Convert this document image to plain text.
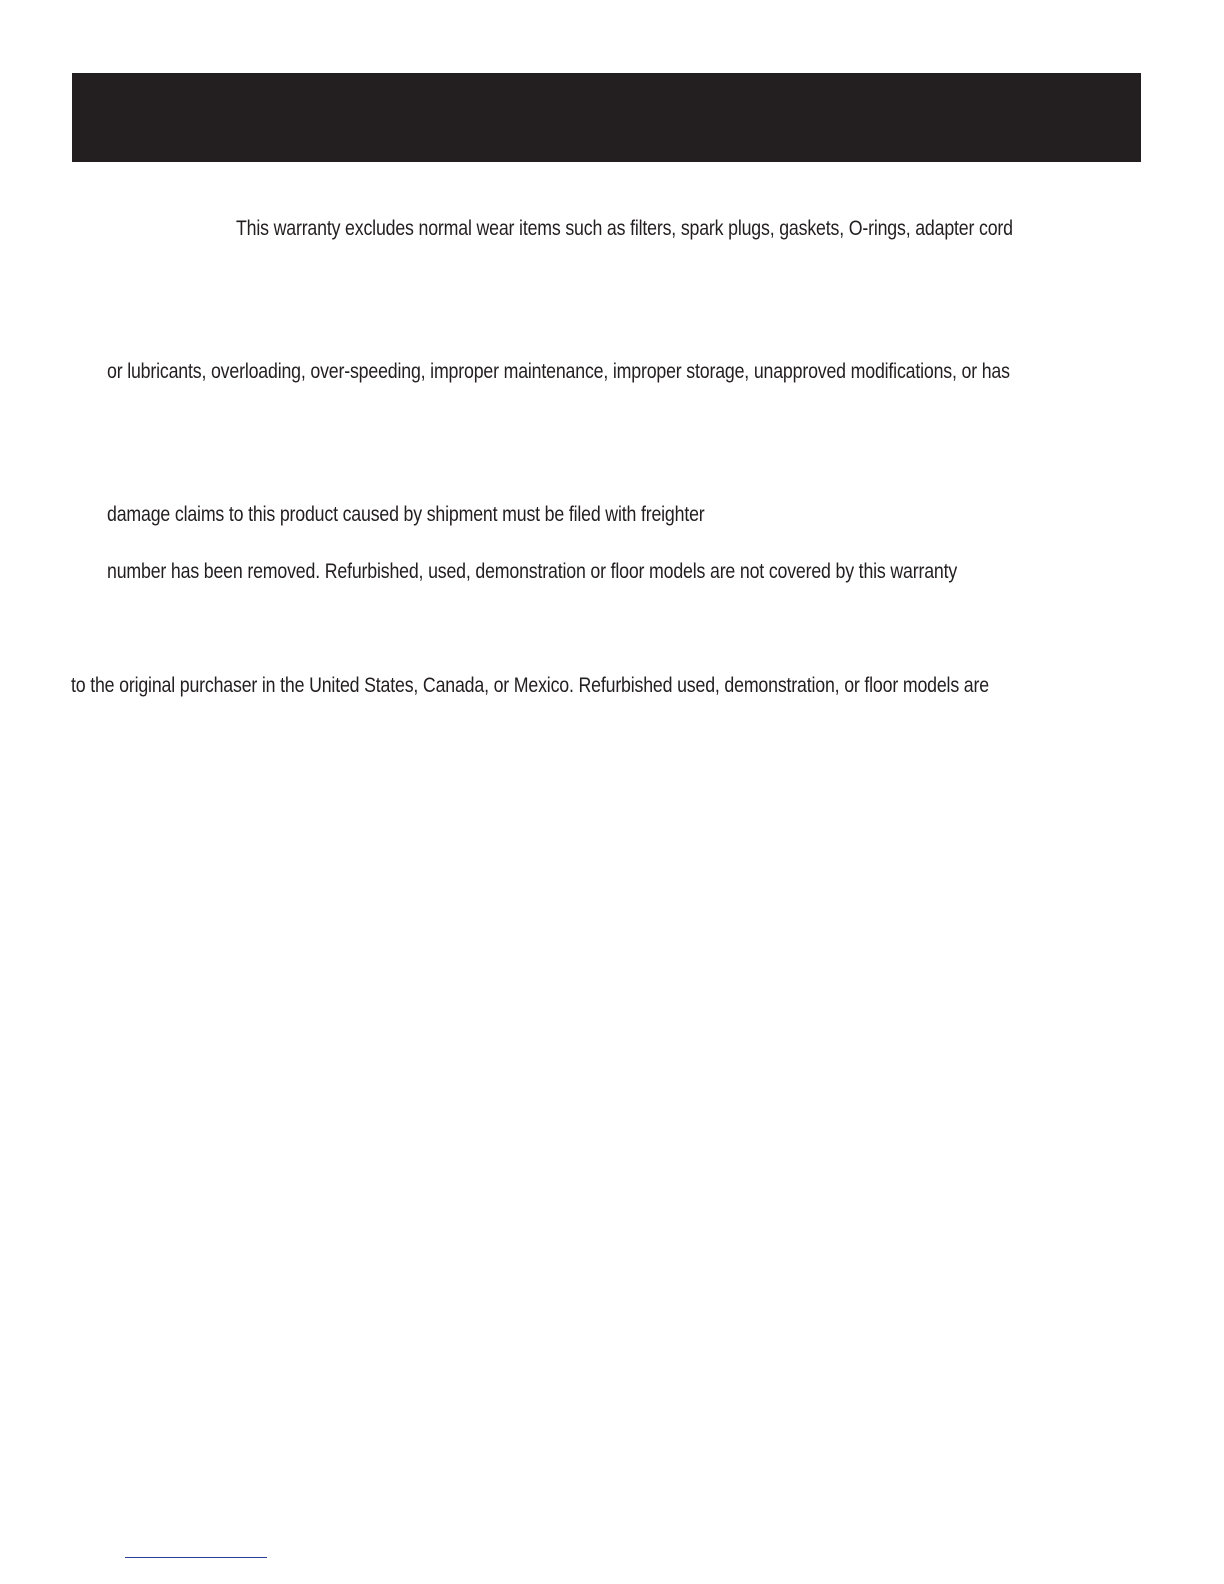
This warranty excludes normal wear items such as filters, spark plugs, gaskets, O-rings, adapter cord
or lubricants, overloading, over-speeding, improper maintenance, improper storage, unapproved modifications, or has
damage claims to this product caused by shipment must be filed with freighter
number has been removed. Refurbished, used, demonstration or floor models are not covered by this warranty
to the original purchaser in the United States, Canada, or Mexico. Refurbished used, demonstration, or floor models are
